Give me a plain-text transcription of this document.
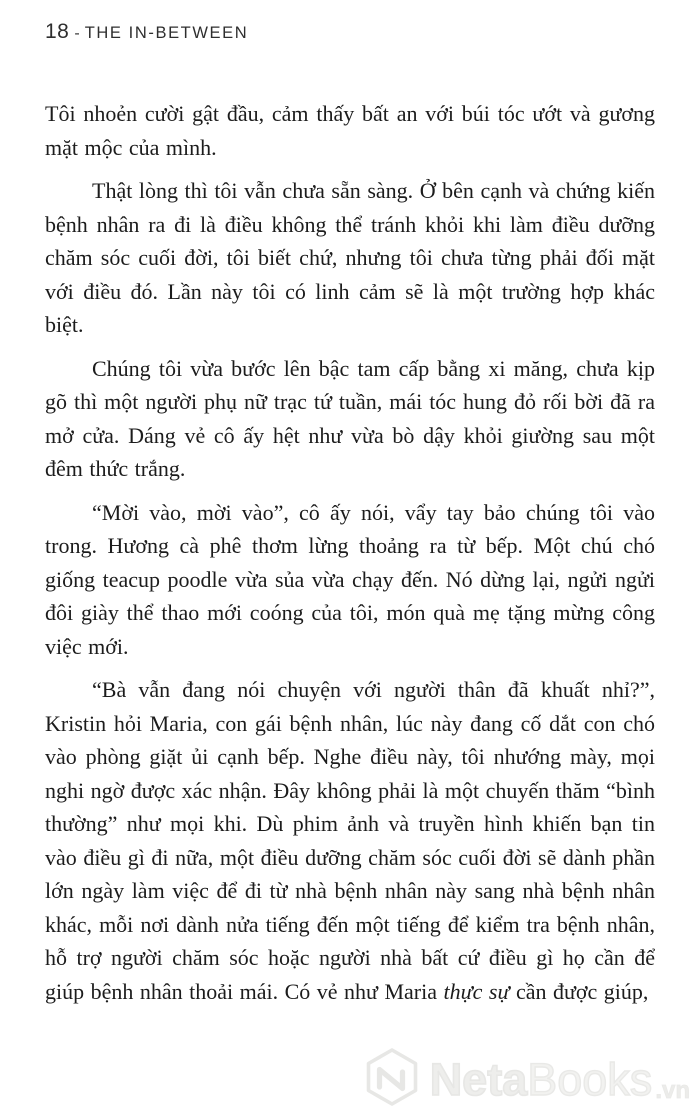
18 - THE IN-BETWEEN

Tôi nhoẻn cười gật đầu, cảm thấy bất an với búi tóc ướt và gương mặt mộc của mình.

Thật lòng thì tôi vẫn chưa sẵn sàng. Ở bên cạnh và chứng kiến bệnh nhân ra đi là điều không thể tránh khỏi khi làm điều dưỡng chăm sóc cuối đời, tôi biết chứ, nhưng tôi chưa từng phải đối mặt với điều đó. Lần này tôi có linh cảm sẽ là một trường hợp khác biệt.

Chúng tôi vừa bước lên bậc tam cấp bằng xi măng, chưa kịp gõ thì một người phụ nữ trạc tứ tuần, mái tóc hung đỏ rối bời đã ra mở cửa. Dáng vẻ cô ấy hệt như vừa bò dậy khỏi giường sau một đêm thức trắng.

“Mời vào, mời vào”, cô ấy nói, vẩy tay bảo chúng tôi vào trong. Hương cà phê thơm lừng thoảng ra từ bếp. Một chú chó giống teacup poodle vừa sủa vừa chạy đến. Nó dừng lại, ngửi ngửi đôi giày thể thao mới coóng của tôi, món quà mẹ tặng mừng công việc mới.

“Bà vẫn đang nói chuyện với người thân đã khuất nhỉ?”, Kristin hỏi Maria, con gái bệnh nhân, lúc này đang cố dắt con chó vào phòng giặt ủi cạnh bếp. Nghe điều này, tôi nhướng mày, mọi nghi ngờ được xác nhận. Đây không phải là một chuyến thăm “bình thường” như mọi khi. Dù phim ảnh và truyền hình khiến bạn tin vào điều gì đi nữa, một điều dưỡng chăm sóc cuối đời sẽ dành phần lớn ngày làm việc để đi từ nhà bệnh nhân này sang nhà bệnh nhân khác, mỗi nơi dành nửa tiếng đến một tiếng để kiểm tra bệnh nhân, hỗ trợ người chăm sóc hoặc người nhà bất cứ điều gì họ cần để giúp bệnh nhân thoải mái. Có vẻ như Maria thực sự cần được giúp,

Neta Books .vn
